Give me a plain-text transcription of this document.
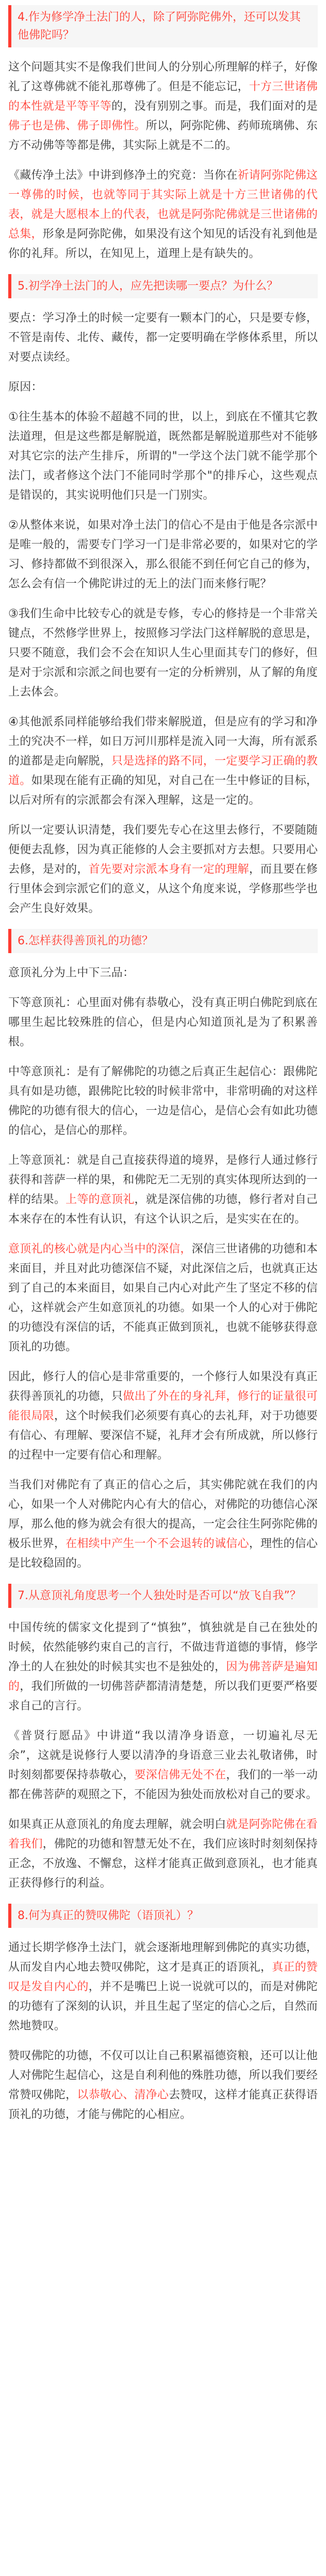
4.作为修学净土法门的人，除了阿弥陀佛外，还可以发其他佛陀吗？

这个问题其实不是像我们世间人的分别心所理解的样子，好像礼了这尊佛就不能礼那尊佛了。但是不能忘记，十方三世诸佛的本性就是平等平等的，没有别别之事。而是，我们面对的是佛子也是佛、佛子即佛性。所以，阿弥陀佛、药师琉璃佛、东方不动佛等等都是佛，其实际上就是不二的。

《藏传净土法》中讲到修净土的究竟：当你在祈请阿弥陀佛这一尊佛的时候，也就等同于其实际上就是十方三世诸佛的代表，就是大愿根本上的代表，也就是阿弥陀佛就是三世诸佛的总集，形象是阿弥陀佛，如果没有这个知见的话没有礼到他是你的礼拜。所以，在知见上，道理上是有缺失的。

5.初学净土法门的人，应先把读哪一要点？为什么？

要点：学习净土的时候一定要有一颗本门的心，只是要专修，不管是南传、北传、藏传，都一定要明确在学修体系里，所以对要点读经。

原因：

①往生基本的体验不超越不同的世，以上，到底在不懂其它教法道理，但是这些都是解脱道，既然都是解脱道那些对不能够对其它宗的法产生排斥，所谓的"一学这个法门就不能学那个法门，或者修这个法门不能同时学那个"的排斥心，这些观点是错误的，其实说明他们只是一门别实。

②从整体来说，如果对净土法门的信心不是由于他是各宗派中是唯一般的，需要专门学习一门是非常必要的，如果对它的学习、修持都做不到很深入，那么很能不到任何它自己的修为，怎么会有信一个佛陀讲过的无上的法门而来修行呢？

③我们生命中比较专心的就是专修，专心的修持是一个非常关键点，不然修学世界上，按照修习学法门这样解脱的意思是，只要不随意，我们会不会在知识人生心里面其专门的修好，但是对于宗派和宗派之间也要有一定的分析辨别，从了解的角度上去体会。

④其他派系同样能够给我们带来解脱道，但是应有的学习和净土的究决不一样，如日万河川那样是流入同一大海，所有派系的道都是走向解脱，只是选择的路不同，一定要学习正确的教道。如果现在能有正确的知见，对自己在一生中修证的目标，以后对所有的宗派都会有深入理解，这是一定的。

所以一定要认识清楚，我们要先专心在这里去修行，不要随随便便去乱修，因为真正能修的人会主要抓对方去想。只要用心去修，是对的，首先要对宗派本身有一定的理解，而且要在修行里体会到宗派它们的意义，从这个角度来说，学修那些学也会产生良好效果。

6.怎样获得善顶礼的功德？

意顶礼分为上中下三品：

下等意顶礼：心里面对佛有恭敬心，没有真正明白佛陀到底在哪里生起比较殊胜的信心，但是内心知道顶礼是为了积累善根。

中等意顶礼：是有了解佛陀的功德之后真正生起信心：跟佛陀具有如是功德，跟佛陀比较的时候非常中，非常明确的对这样佛陀的功德有很大的信心，一边是信心，是信心会有如此功德的信心，是信心的那样。

上等意顶礼：就是自己直接获得道的境界，是修行人通过修行获得和菩萨一样的果，和佛陀无二无别的真实体现所达到的一样的结果。上等的意顶礼，就是深信佛的功德，修行者对自己本来存在的本性有认识，有这个认识之后，是实实在在的。

意顶礼的核心就是内心当中的深信，深信三世诸佛的功德和本来面目，并且对此功德深信不疑，对此深信之后，也就真正达到了自己的本来面目，如果自己内心对此产生了坚定不移的信心，这样就会产生如意顶礼的功德。如果一个人的心对于佛陀的功德没有深信的话，不能真正做到顶礼，也就不能够获得意顶礼的功德。

因此，修行人的信心是非常重要的，一个修行人如果没有真正获得善顶礼的功德，只做出了外在的身礼拜，修行的证量很可能很局限，这个时候我们必须要有真心的去礼拜，对于功德要有信心、有理解、要深信不疑，礼拜才会有所成就，所以修行的过程中一定要有信心和理解。

当我们对佛陀有了真正的信心之后，其实佛陀就在我们的内心，如果一个人对佛陀内心有大的信心，对佛陀的功德信心深厚，那么他的修为就会有很大的提高，一定会往生阿弥陀佛的极乐世界，在相续中产生一个不会退转的诚信心，理性的信心是比较稳固的。

7.从意顶礼角度思考一个人独处时是否可以“放飞自我”？

中国传统的儒家文化提到了“慎独”，慎独就是自己在独处的时候，依然能够约束自己的言行，不做违背道德的事情，修学净土的人在独处的时候其实也不是独处的，因为佛菩萨是遍知的，我们所做的一切佛菩萨都清清楚楚，所以我们更要严格要求自己的言行。

《普贤行愿品》中讲道“我以清净身语意，一切遍礼尽无余”，这就是说修行人要以清净的身语意三业去礼敬诸佛，时时刻刻都要保持恭敬心，要深信佛无处不在，我们的一举一动都在佛菩萨的观照之下，不能因为独处而放松对自己的要求。

如果真正从意顶礼的角度去理解，就会明白就是阿弥陀佛在看着我们，佛陀的功德和智慧无处不在，我们应该时时刻刻保持正念，不放逸、不懈怠，这样才能真正做到意顶礼，也才能真正获得修行的利益。

8.何为真正的赞叹佛陀（语顶礼）？

通过长期学修净土法门，就会逐渐地理解到佛陀的真实功德，从而发自内心地去赞叹佛陀，这才是真正的语顶礼，真正的赞叹是发自内心的，并不是嘴巴上说一说就可以的，而是对佛陀的功德有了深刻的认识，并且生起了坚定的信心之后，自然而然地赞叹。

赞叹佛陀的功德，不仅可以让自己积累福德资粮，还可以让他人对佛陀生起信心，这是自利利他的殊胜功德，所以我们要经常赞叹佛陀，以恭敬心、清净心去赞叹，这样才能真正获得语顶礼的功德，才能与佛陀的心相应。
